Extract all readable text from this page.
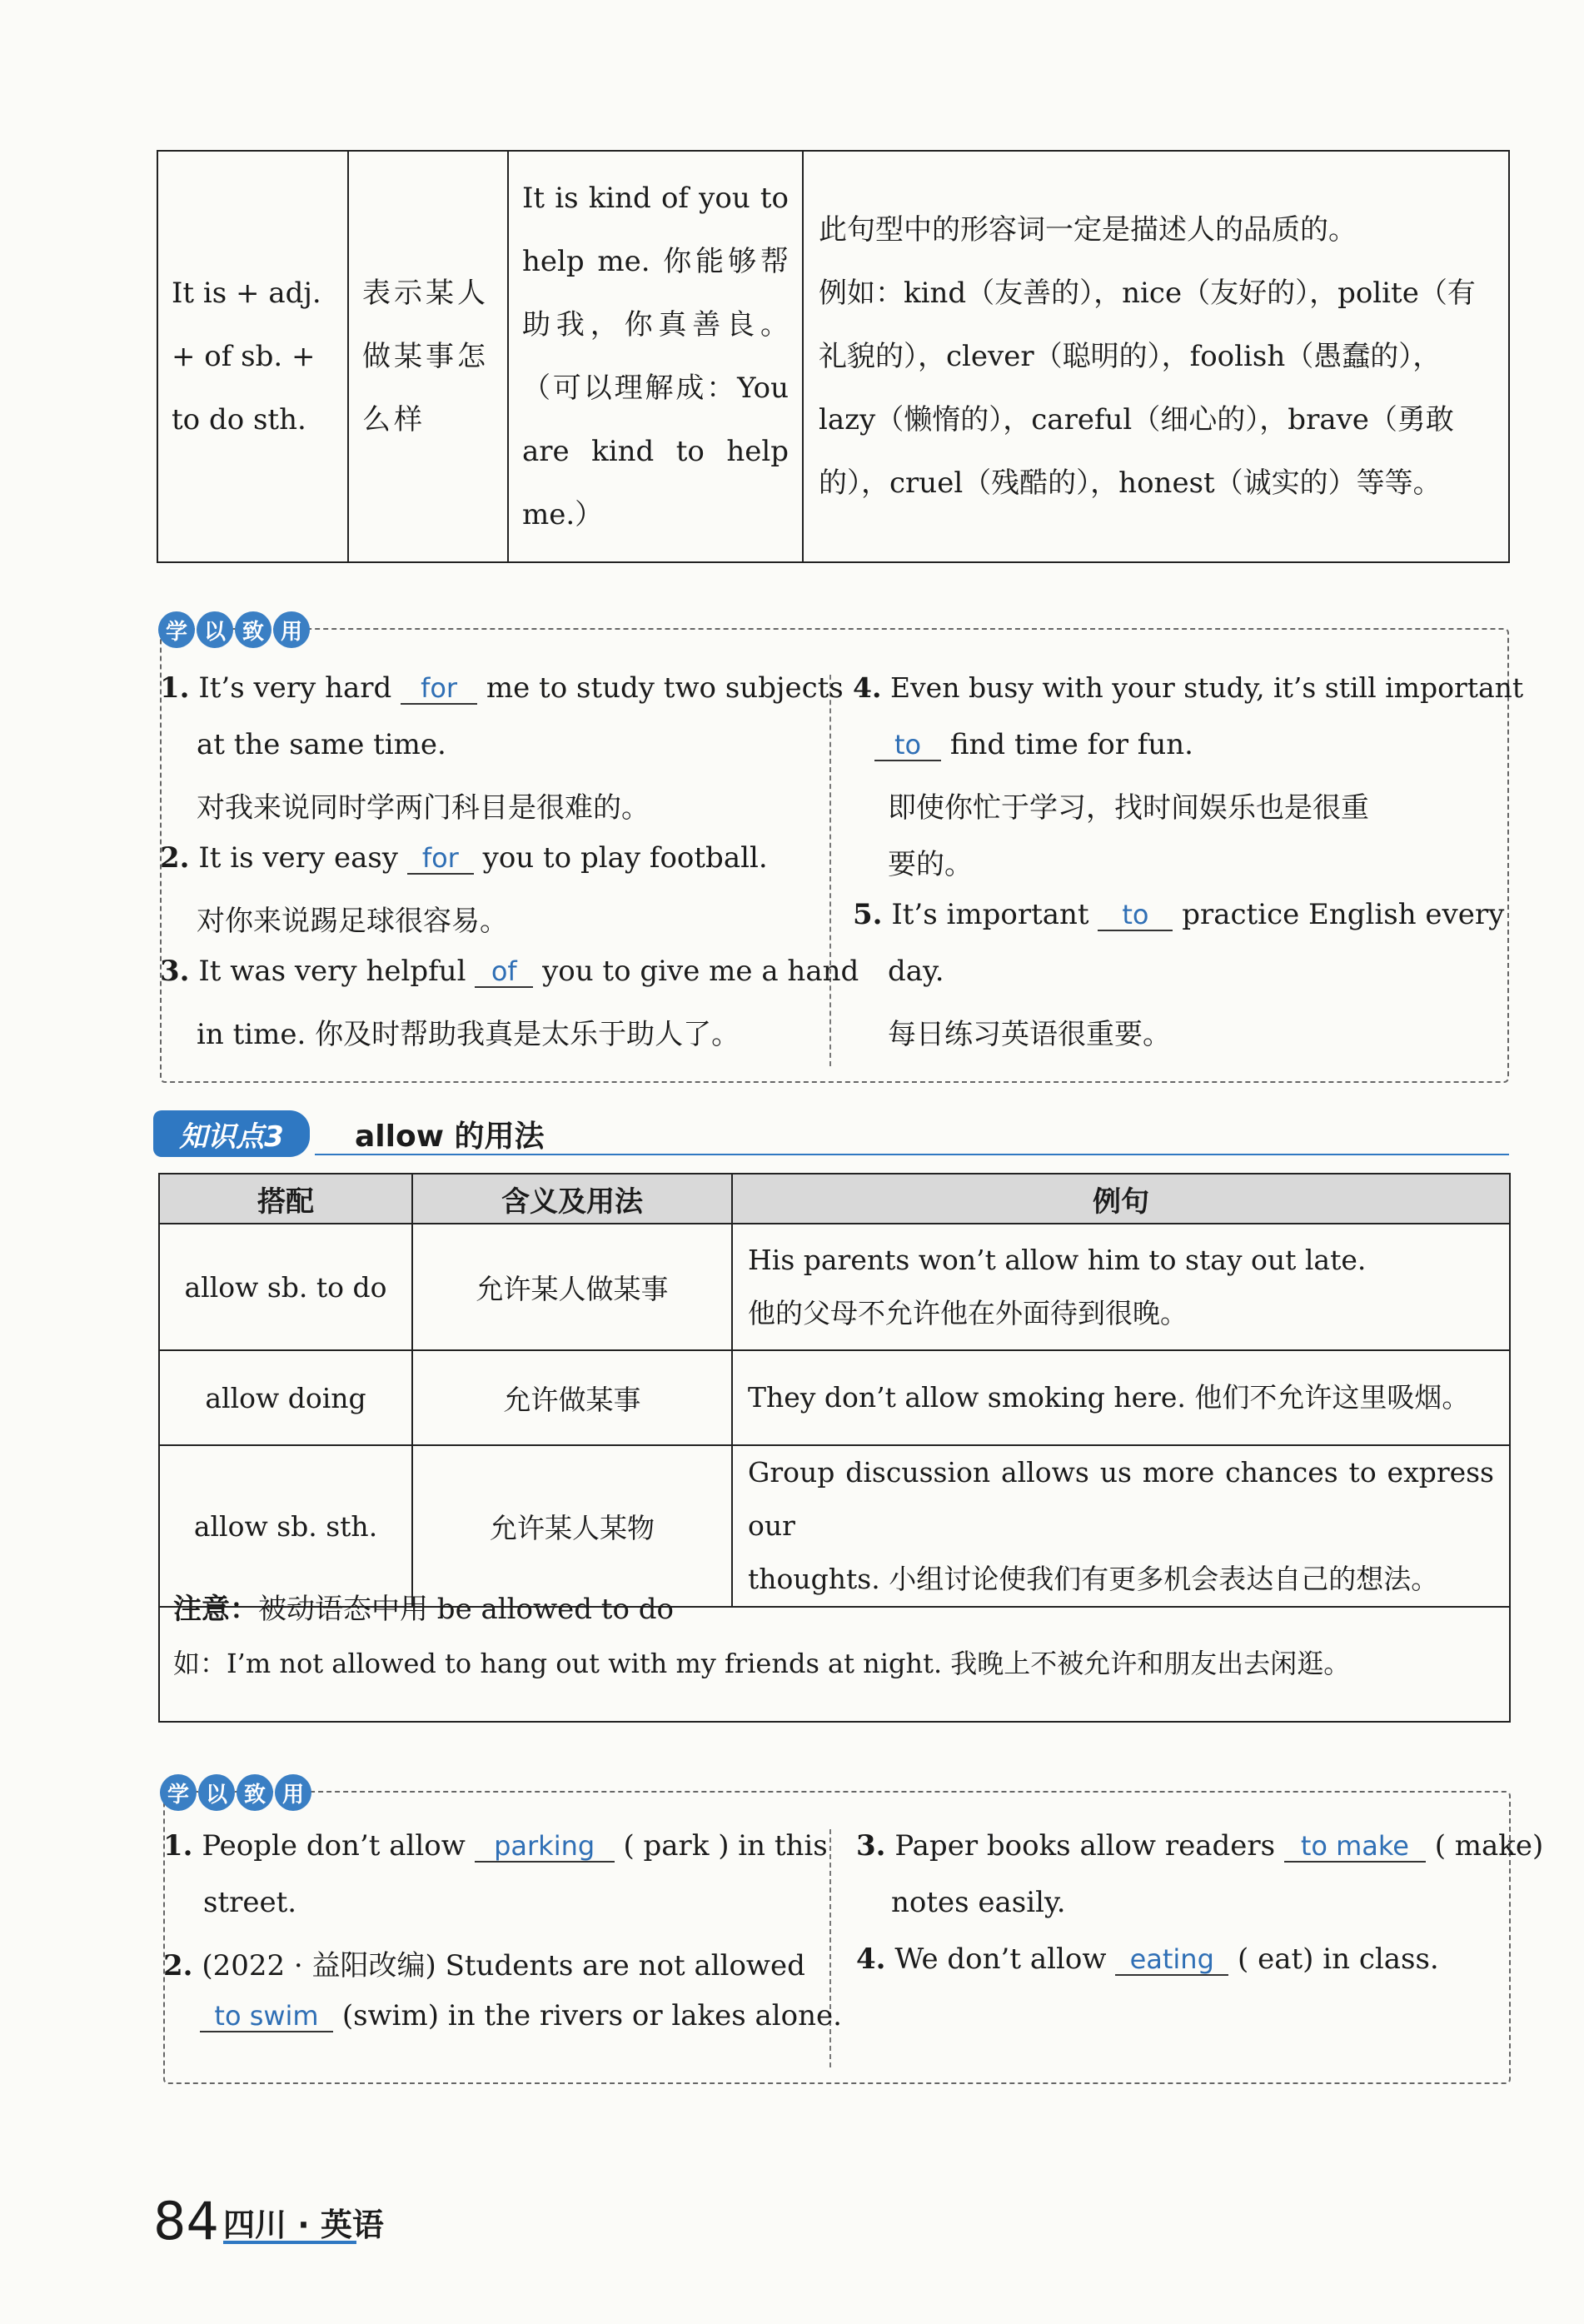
It is + adj. + of sb. + to do sth.	表示某人做某事怎么样	It is kind of you to help me. 你能够帮助我，你真善良。（可以理解成：You are kind to help me.）	
此句型中的形容词一定是描述人的品质的。
例如：kind（友善的），nice（友好的），polite（有礼貌的），clever（聪明的），foolish（愚蠢的），lazy（懒惰的），careful（细心的），brave（勇敢的），cruel（残酷的），honest（诚实的）等等。
学 以 致 用
1. It’s very hard for me to study two subjects
at the same time.
对我来说同时学两门科目是很难的。
2. It is very easy for you to play football.
对你来说踢足球很容易。
3. It was very helpful of you to give me a hand
in time. 你及时帮助我真是太乐于助人了。
4. Even busy with your study, it’s still important
to find time for fun.
即使你忙于学习，找时间娱乐也是很重
要的。
5. It’s important to practice English every
day.
每日练习英语很重要。
知识点3	allow 的用法
搭配	含义及用法	例句
allow sb. to do	允许某人做某事	His parents won’t allow him to stay out late.
他的父母不允许他在外面待到很晚。

allow doing	允许做某事	They don’t allow smoking here. 他们不允许这里吸烟。

allow sb. sth.	允许某人某物	Group discussion allows us more chances to express our
thoughts. 小组讨论使我们有更多机会表达自己的想法。
注意：被动语态中用 be allowed to do
如：I’m not allowed to hang out with my friends at night. 我晚上不被允许和朋友出去闲逛。
学 以 致 用
1. People don’t allow parking ( park ) in this
street.
2. (2022 · 益阳改编) Students are not allowed
to swim (swim) in the rivers or lakes alone.
3. Paper books allow readers to make ( make)
notes easily.
4. We don’t allow eating ( eat) in class.
84 四川 · 英语
